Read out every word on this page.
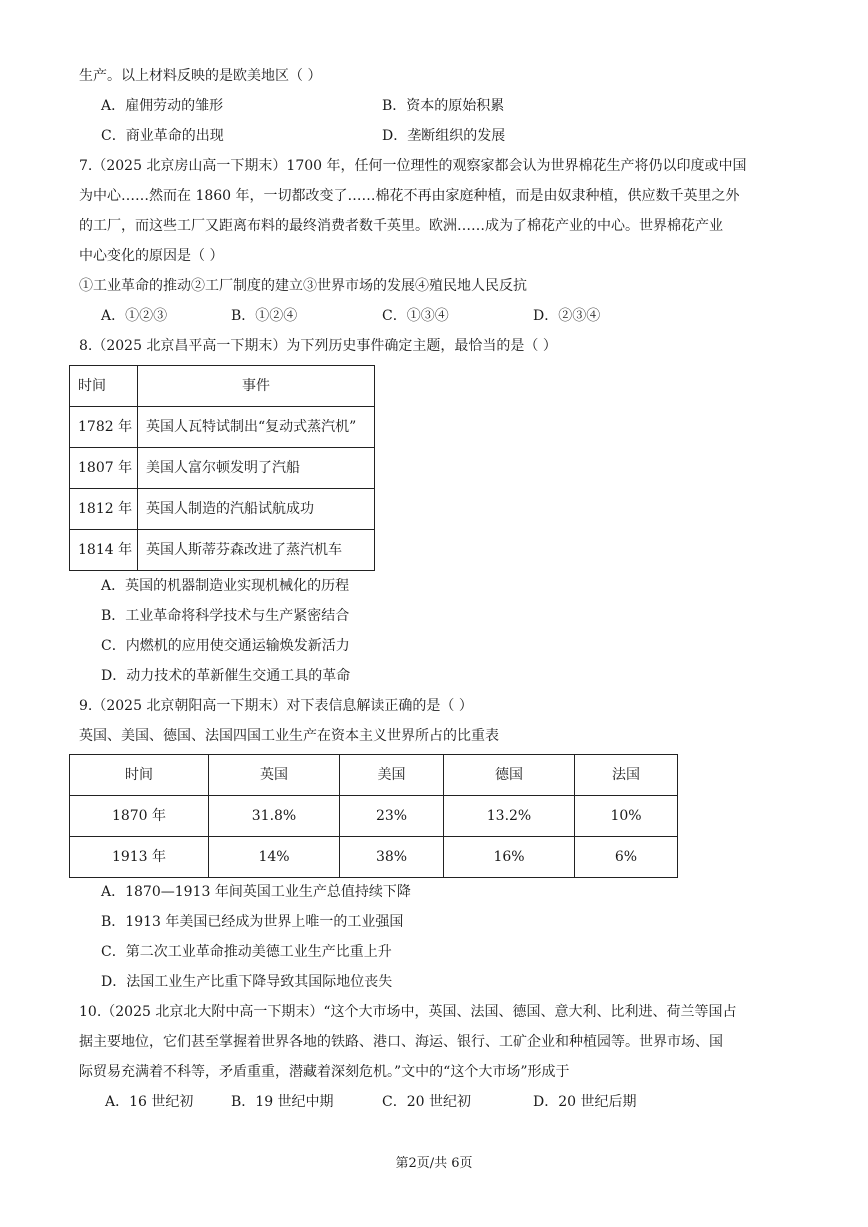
生产。以上材料反映的是欧美地区（ ）
A．雇佣劳动的雏形	B．资本的原始积累
C．商业革命的出现	D．垄断组织的发展
7.（2025 北京房山高一下期末）1700 年，任何一位理性的观察家都会认为世界棉花生产将仍以印度或中国
为中心……然而在 1860 年，一切都改变了……棉花不再由家庭种植，而是由奴隶种植，供应数千英里之外
的工厂，而这些工厂又距离布料的最终消费者数千英里。欧洲……成为了棉花产业的中心。世界棉花产业
中心变化的原因是（ ）
①工业革命的推动②工厂制度的建立③世界市场的发展④殖民地人民反抗
A．①②③	B．①②④	C．①③④	D．②③④
8.（2025 北京昌平高一下期末）为下列历史事件确定主题，最恰当的是（ ）
时间	事件
1782 年	英国人瓦特试制出“复动式蒸汽机”
1807 年	美国人富尔顿发明了汽船
1812 年	英国人制造的汽船试航成功
1814 年	英国人斯蒂芬森改进了蒸汽机车
A．英国的机器制造业实现机械化的历程
B．工业革命将科学技术与生产紧密结合
C．内燃机的应用使交通运输焕发新活力
D．动力技术的革新催生交通工具的革命
9.（2025 北京朝阳高一下期末）对下表信息解读正确的是（ ）
英国、美国、德国、法国四国工业生产在资本主义世界所占的比重表
时间	英国	美国	德国	法国
1870 年	31.8%	23%	13.2%	10%
1913 年	14%	38%	16%	6%
A．1870—1913 年间英国工业生产总值持续下降
B．1913 年美国已经成为世界上唯一的工业强国
C．第二次工业革命推动美德工业生产比重上升
D．法国工业生产比重下降导致其国际地位丧失
10.（2025 北京北大附中高一下期末）“这个大市场中，英国、法国、德国、意大利、比利进、荷兰等国占
据主要地位，它们甚至掌握着世界各地的铁路、港口、海运、银行、工矿企业和种植园等。世界市场、国
际贸易充满着不科等，矛盾重重，潜藏着深刻危机。”文中的“这个大市场”形成于
A．16 世纪初	B．19 世纪中期	C．20 世纪初	D．20 世纪后期
第2页/共 6页
